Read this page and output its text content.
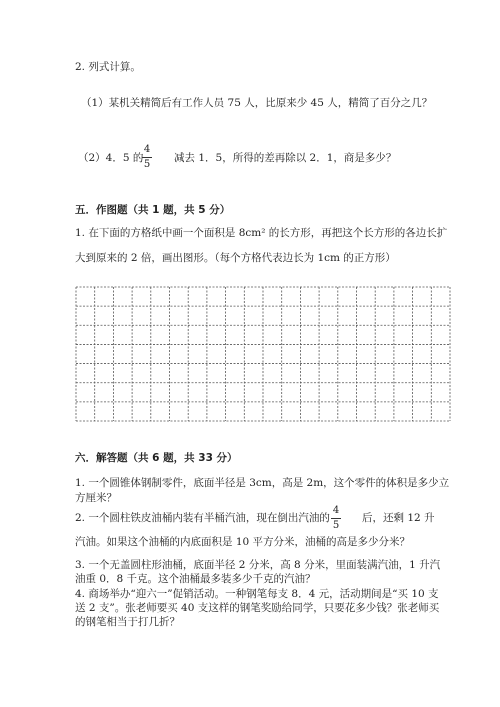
2. 列式计算。
（1）某机关精简后有工作人员 75 人，比原来少 45 人，精简了百分之几？
（2）4．5 的
4
5
减去 1．5，所得的差再除以 2．1，商是多少？
五．作图题（共 1 题，共 5 分）
1. 在下面的方格纸中画一个面积是 8cm² 的长方形，再把这个长方形的各边长扩
大到原来的 2 倍，画出图形。（每个方格代表边长为 1cm 的正方形）
六．解答题（共 6 题，共 33 分）
1. 一个圆锥体钢制零件，底面半径是 3cm，高是 2m，这个零件的体积是多少立
方厘米？
2. 一个圆柱铁皮油桶内装有半桶汽油，现在倒出汽油的
4
5
后，还剩 12 升
汽油。如果这个油桶的内底面积是 10 平方分米，油桶的高是多少分米？
3. 一个无盖圆柱形油桶，底面半径 2 分米，高 8 分米，里面装满汽油，1 升汽
油重 0．8 千克。这个油桶最多装多少千克的汽油？
4. 商场举办“迎六一”促销活动。一种钢笔每支 8．4 元，活动期间是“买 10 支
送 2 支”。张老师要买 40 支这样的钢笔奖励给同学，只要花多少钱？张老师买
的钢笔相当于打几折？
